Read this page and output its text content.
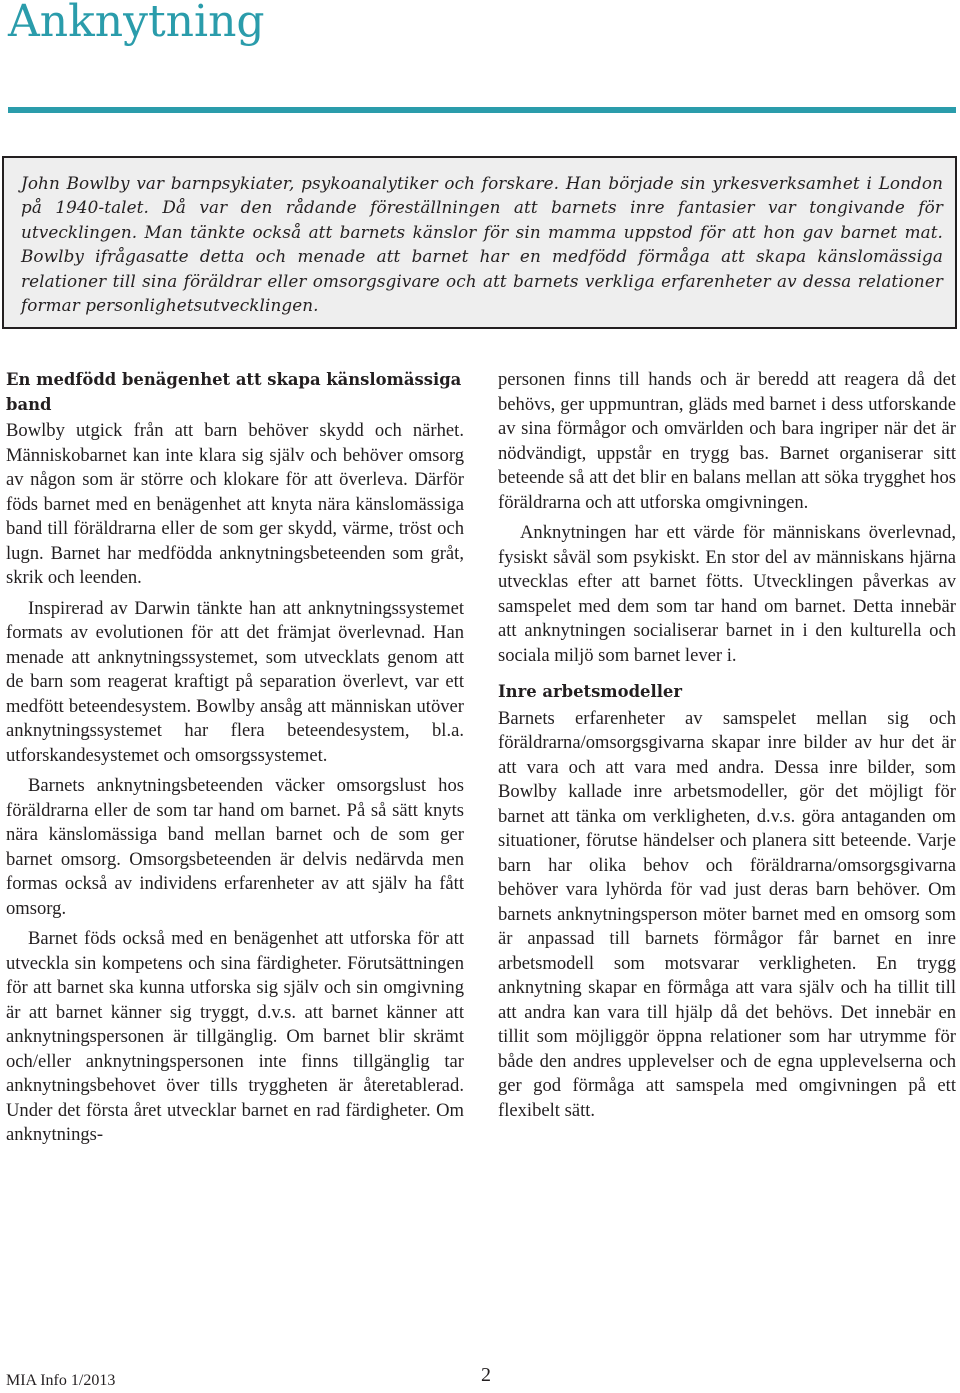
Anknytning

John Bowlby var barnpsykiater, psykoanalytiker och forskare. Han började sin yrkesverksamhet i London på 1940-talet. Då var den rådande föreställningen att barnets inre fantasier var tongivande för utvecklingen. Man tänkte också att barnets känslor för sin mamma uppstod för att hon gav barnet mat. Bowlby ifrågasatte detta och menade att barnet har en medfödd förmåga att skapa känslomässiga relationer till sina föräldrar eller omsorgsgivare och att barnets verkliga erfarenheter av dessa relationer formar personlighetsutvecklingen.

En medfödd benägenhet att skapa känslomässiga band

Bowlby utgick från att barn behöver skydd och närhet. Människobarnet kan inte klara sig själv och behöver omsorg av någon som är större och klokare för att överleva. Därför föds barnet med en benägenhet att knyta nära känslomässiga band till föräldrarna eller de som ger skydd, värme, tröst och lugn. Barnet har medfödda anknytningsbeteenden som gråt, skrik och leenden.

Inspirerad av Darwin tänkte han att anknytningssystemet formats av evolutionen för att det främjat överlevnad. Han menade att anknytningssystemet, som utvecklats genom att de barn som reagerat kraftigt på separation överlevt, var ett medfött beteendesystem. Bowlby ansåg att människan utöver anknytningssystemet har flera beteendesystem, bl.a. utforskandesystemet och omsorgssystemet.

Barnets anknytningsbeteenden väcker omsorgslust hos föräldrarna eller de som tar hand om barnet. På så sätt knyts nära känslomässiga band mellan barnet och de som ger barnet omsorg. Omsorgsbeteenden är delvis nedärvda men formas också av individens erfarenheter av att själv ha fått omsorg.

Barnet föds också med en benägenhet att utforska för att utveckla sin kompetens och sina färdigheter. Förutsättningen för att barnet ska kunna utforska sig själv och sin omgivning är att barnet känner sig tryggt, d.v.s. att barnet känner att anknytningspersonen är tillgänglig. Om barnet blir skrämt och/eller anknytningspersonen inte finns tillgänglig tar anknytningsbehovet över tills tryggheten är återetablerad. Under det första året utvecklar barnet en rad färdigheter. Om anknytnings-

personen finns till hands och är beredd att reagera då det behövs, ger uppmuntran, gläds med barnet i dess utforskande av sina förmågor och omvärlden och bara ingriper när det är nödvändigt, uppstår en trygg bas. Barnet organiserar sitt beteende så att det blir en balans mellan att söka trygghet hos föräldrarna och att utforska omgivningen.

Anknytningen har ett värde för människans överlevnad, fysiskt såväl som psykiskt. En stor del av människans hjärna utvecklas efter att barnet fötts. Utvecklingen påverkas av samspelet med dem som tar hand om barnet. Detta innebär att anknytningen socialiserar barnet in i den kulturella och sociala miljö som barnet lever i.

Inre arbetsmodeller

Barnets erfarenheter av samspelet mellan sig och föräldrarna/omsorgsgivarna skapar inre bilder av hur det är att vara och att vara med andra. Dessa inre bilder, som Bowlby kallade inre arbetsmodeller, gör det möjligt för barnet att tänka om verkligheten, d.v.s. göra antaganden om situationer, förutse händelser och planera sitt beteende. Varje barn har olika behov och föräldrarna/omsorgsgivarna behöver vara lyhörda för vad just deras barn behöver. Om barnets anknytningsperson möter barnet med en omsorg som är anpassad till barnets förmågor får barnet en inre arbetsmodell som motsvarar verkligheten. En trygg anknytning skapar en förmåga att vara själv och ha tillit till att andra kan vara till hjälp då det behövs. Det innebär en tillit som möjliggör öppna relationer som har utrymme för både den andres upplevelser och de egna upplevelserna och ger god förmåga att samspela med omgivningen på ett flexibelt sätt.

MIA Info 1/2013	2
